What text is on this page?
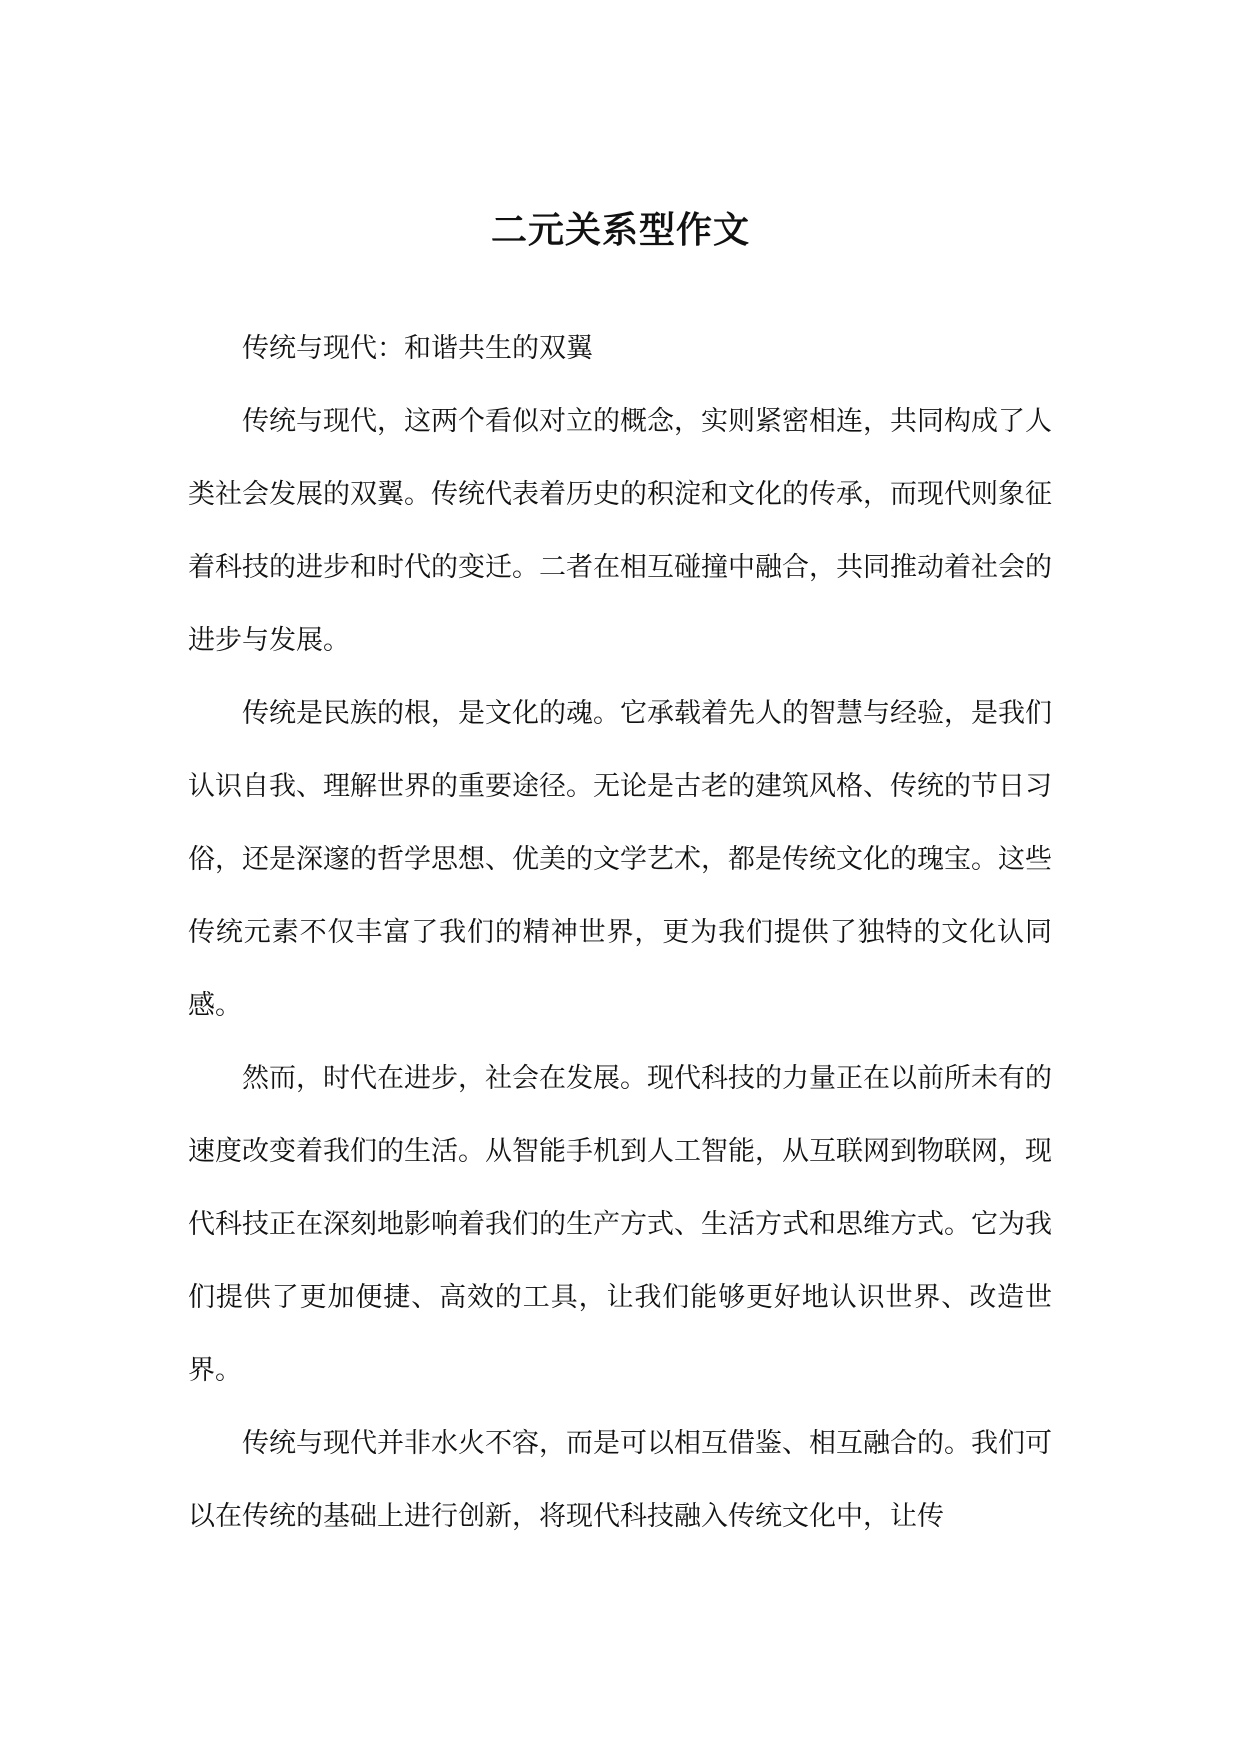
二元关系型作文

传统与现代：和谐共生的双翼

传统与现代，这两个看似对立的概念，实则紧密相连，共同构成了人类社会发展的双翼。传统代表着历史的积淀和文化的传承，而现代则象征着科技的进步和时代的变迁。二者在相互碰撞中融合，共同推动着社会的进步与发展。

传统是民族的根，是文化的魂。它承载着先人的智慧与经验，是我们认识自我、理解世界的重要途径。无论是古老的建筑风格、传统的节日习俗，还是深邃的哲学思想、优美的文学艺术，都是传统文化的瑰宝。这些传统元素不仅丰富了我们的精神世界，更为我们提供了独特的文化认同感。

然而，时代在进步，社会在发展。现代科技的力量正在以前所未有的速度改变着我们的生活。从智能手机到人工智能，从互联网到物联网，现代科技正在深刻地影响着我们的生产方式、生活方式和思维方式。它为我们提供了更加便捷、高效的工具，让我们能够更好地认识世界、改造世界。

传统与现代并非水火不容，而是可以相互借鉴、相互融合的。我们可以在传统的基础上进行创新，将现代科技融入传统文化中，让传
